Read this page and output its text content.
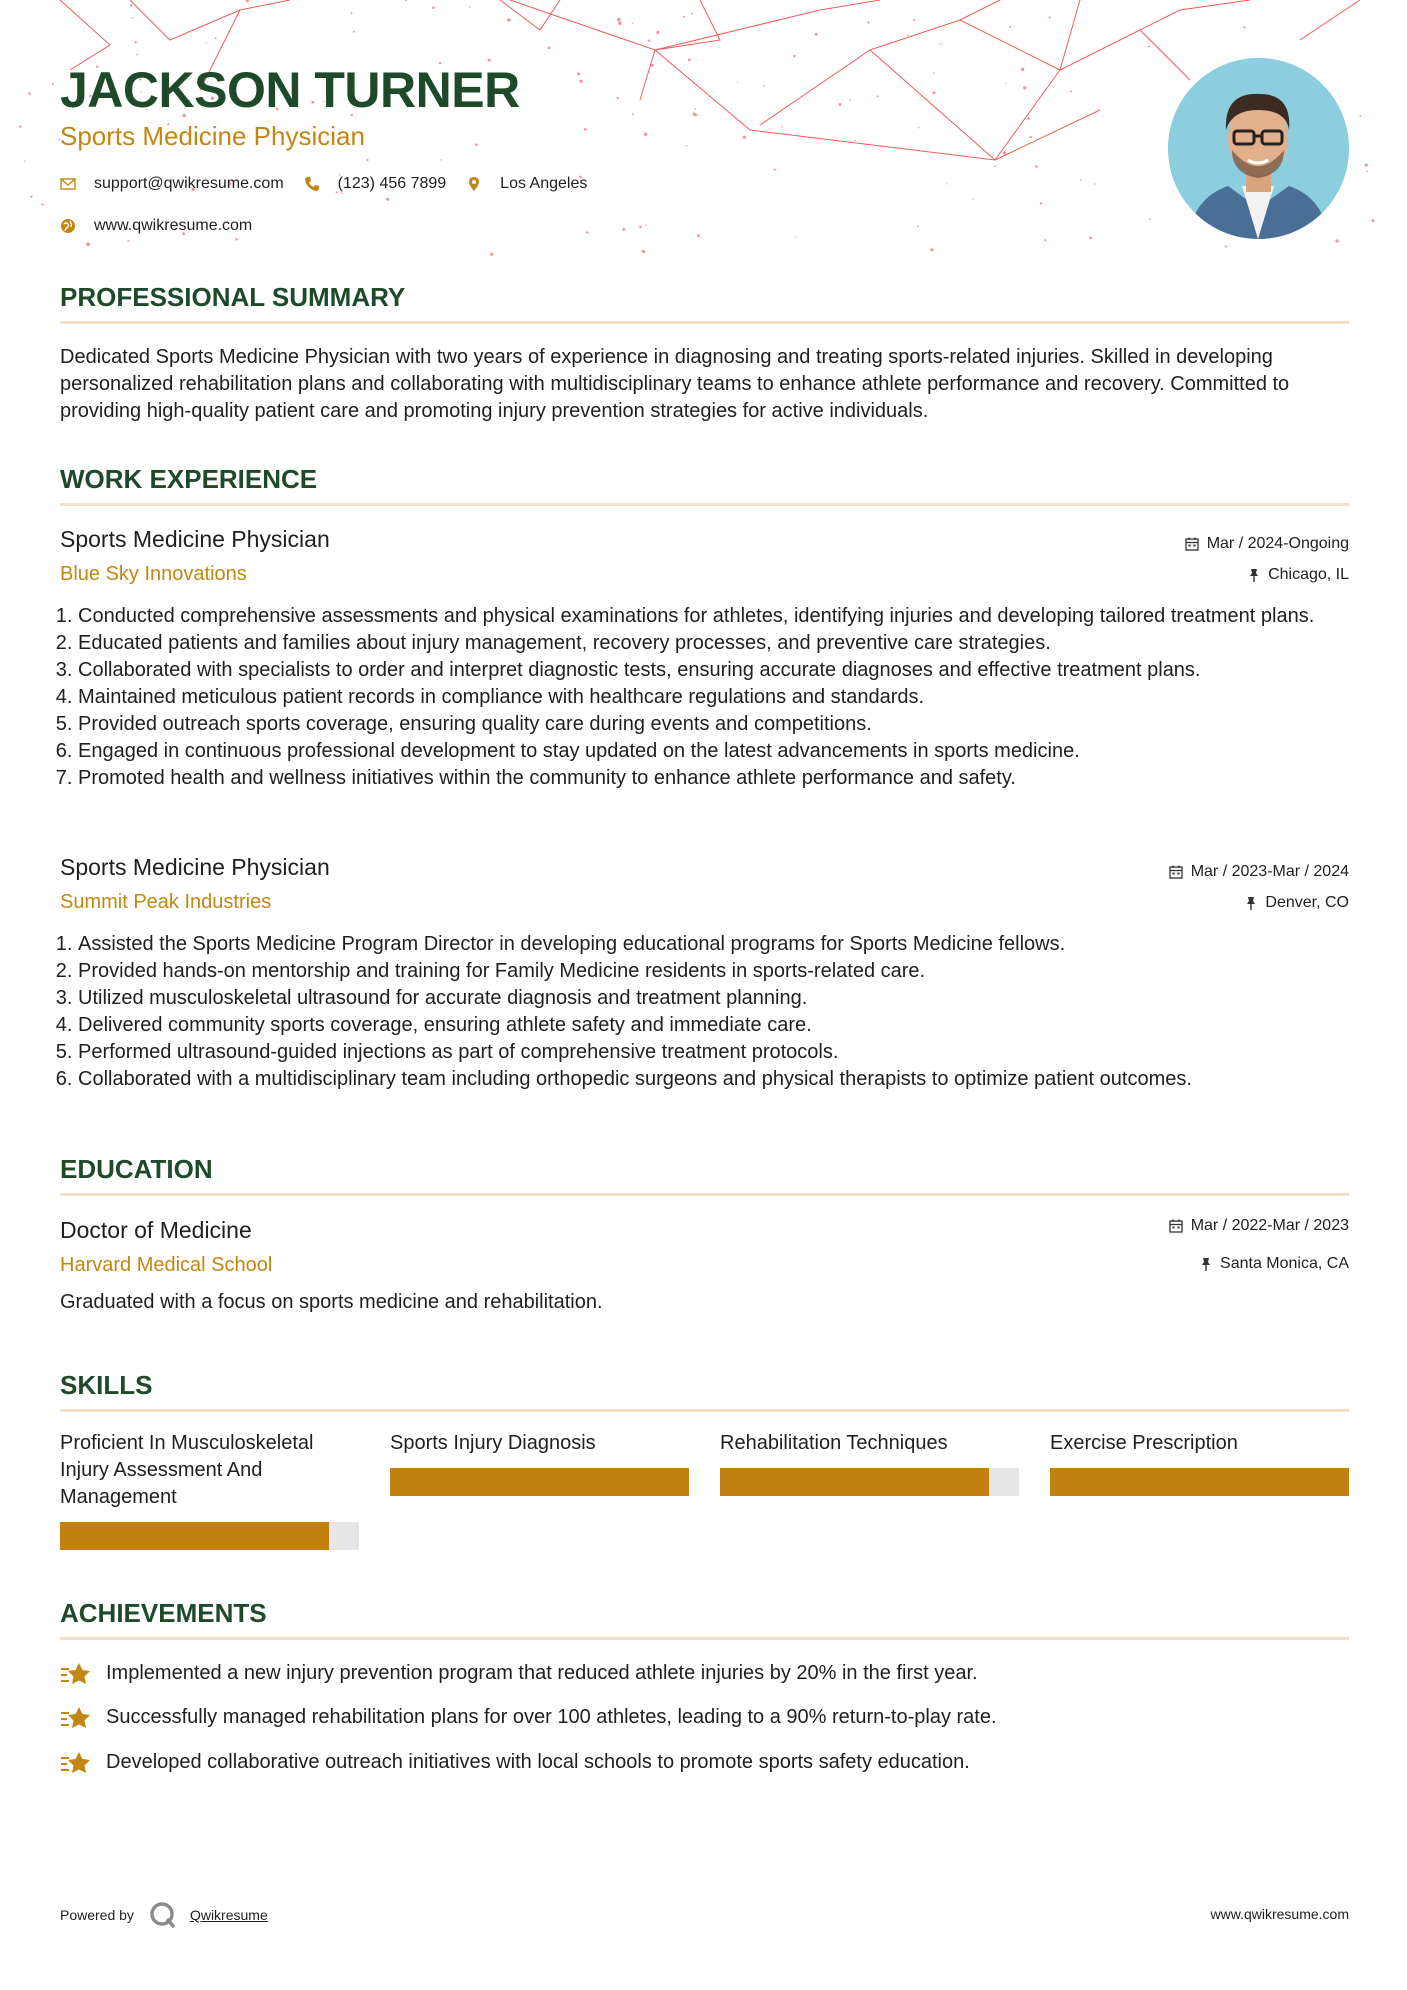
JACKSON TURNER
Sports Medicine Physician
support@qwikresume.com	(123) 456 7899	Los Angeles
www.qwikresume.com
PROFESSIONAL SUMMARY
Dedicated Sports Medicine Physician with two years of experience in diagnosing and treating sports-related injuries. Skilled in developing personalized rehabilitation plans and collaborating with multidisciplinary teams to enhance athlete performance and recovery. Committed to providing high-quality patient care and promoting injury prevention strategies for active individuals.
WORK EXPERIENCE
Sports Medicine Physician
Blue Sky Innovations
Mar / 2024-Ongoing
Chicago, IL
1. Conducted comprehensive assessments and physical examinations for athletes, identifying injuries and developing tailored treatment plans.
2. Educated patients and families about injury management, recovery processes, and preventive care strategies.
3. Collaborated with specialists to order and interpret diagnostic tests, ensuring accurate diagnoses and effective treatment plans.
4. Maintained meticulous patient records in compliance with healthcare regulations and standards.
5. Provided outreach sports coverage, ensuring quality care during events and competitions.
6. Engaged in continuous professional development to stay updated on the latest advancements in sports medicine.
7. Promoted health and wellness initiatives within the community to enhance athlete performance and safety.
Sports Medicine Physician
Summit Peak Industries
Mar / 2023-Mar / 2024
Denver, CO
1. Assisted the Sports Medicine Program Director in developing educational programs for Sports Medicine fellows.
2. Provided hands-on mentorship and training for Family Medicine residents in sports-related care.
3. Utilized musculoskeletal ultrasound for accurate diagnosis and treatment planning.
4. Delivered community sports coverage, ensuring athlete safety and immediate care.
5. Performed ultrasound-guided injections as part of comprehensive treatment protocols.
6. Collaborated with a multidisciplinary team including orthopedic surgeons and physical therapists to optimize patient outcomes.
EDUCATION
Doctor of Medicine
Harvard Medical School
Mar / 2022-Mar / 2023
Santa Monica, CA
Graduated with a focus on sports medicine and rehabilitation.
SKILLS
Proficient In Musculoskeletal Injury Assessment And Management
Sports Injury Diagnosis	Rehabilitation Techniques	Exercise Prescription
ACHIEVEMENTS
Implemented a new injury prevention program that reduced athlete injuries by 20% in the first year.
Successfully managed rehabilitation plans for over 100 athletes, leading to a 90% return-to-play rate.
Developed collaborative outreach initiatives with local schools to promote sports safety education.
Powered by	Qwikresume	www.qwikresume.com
